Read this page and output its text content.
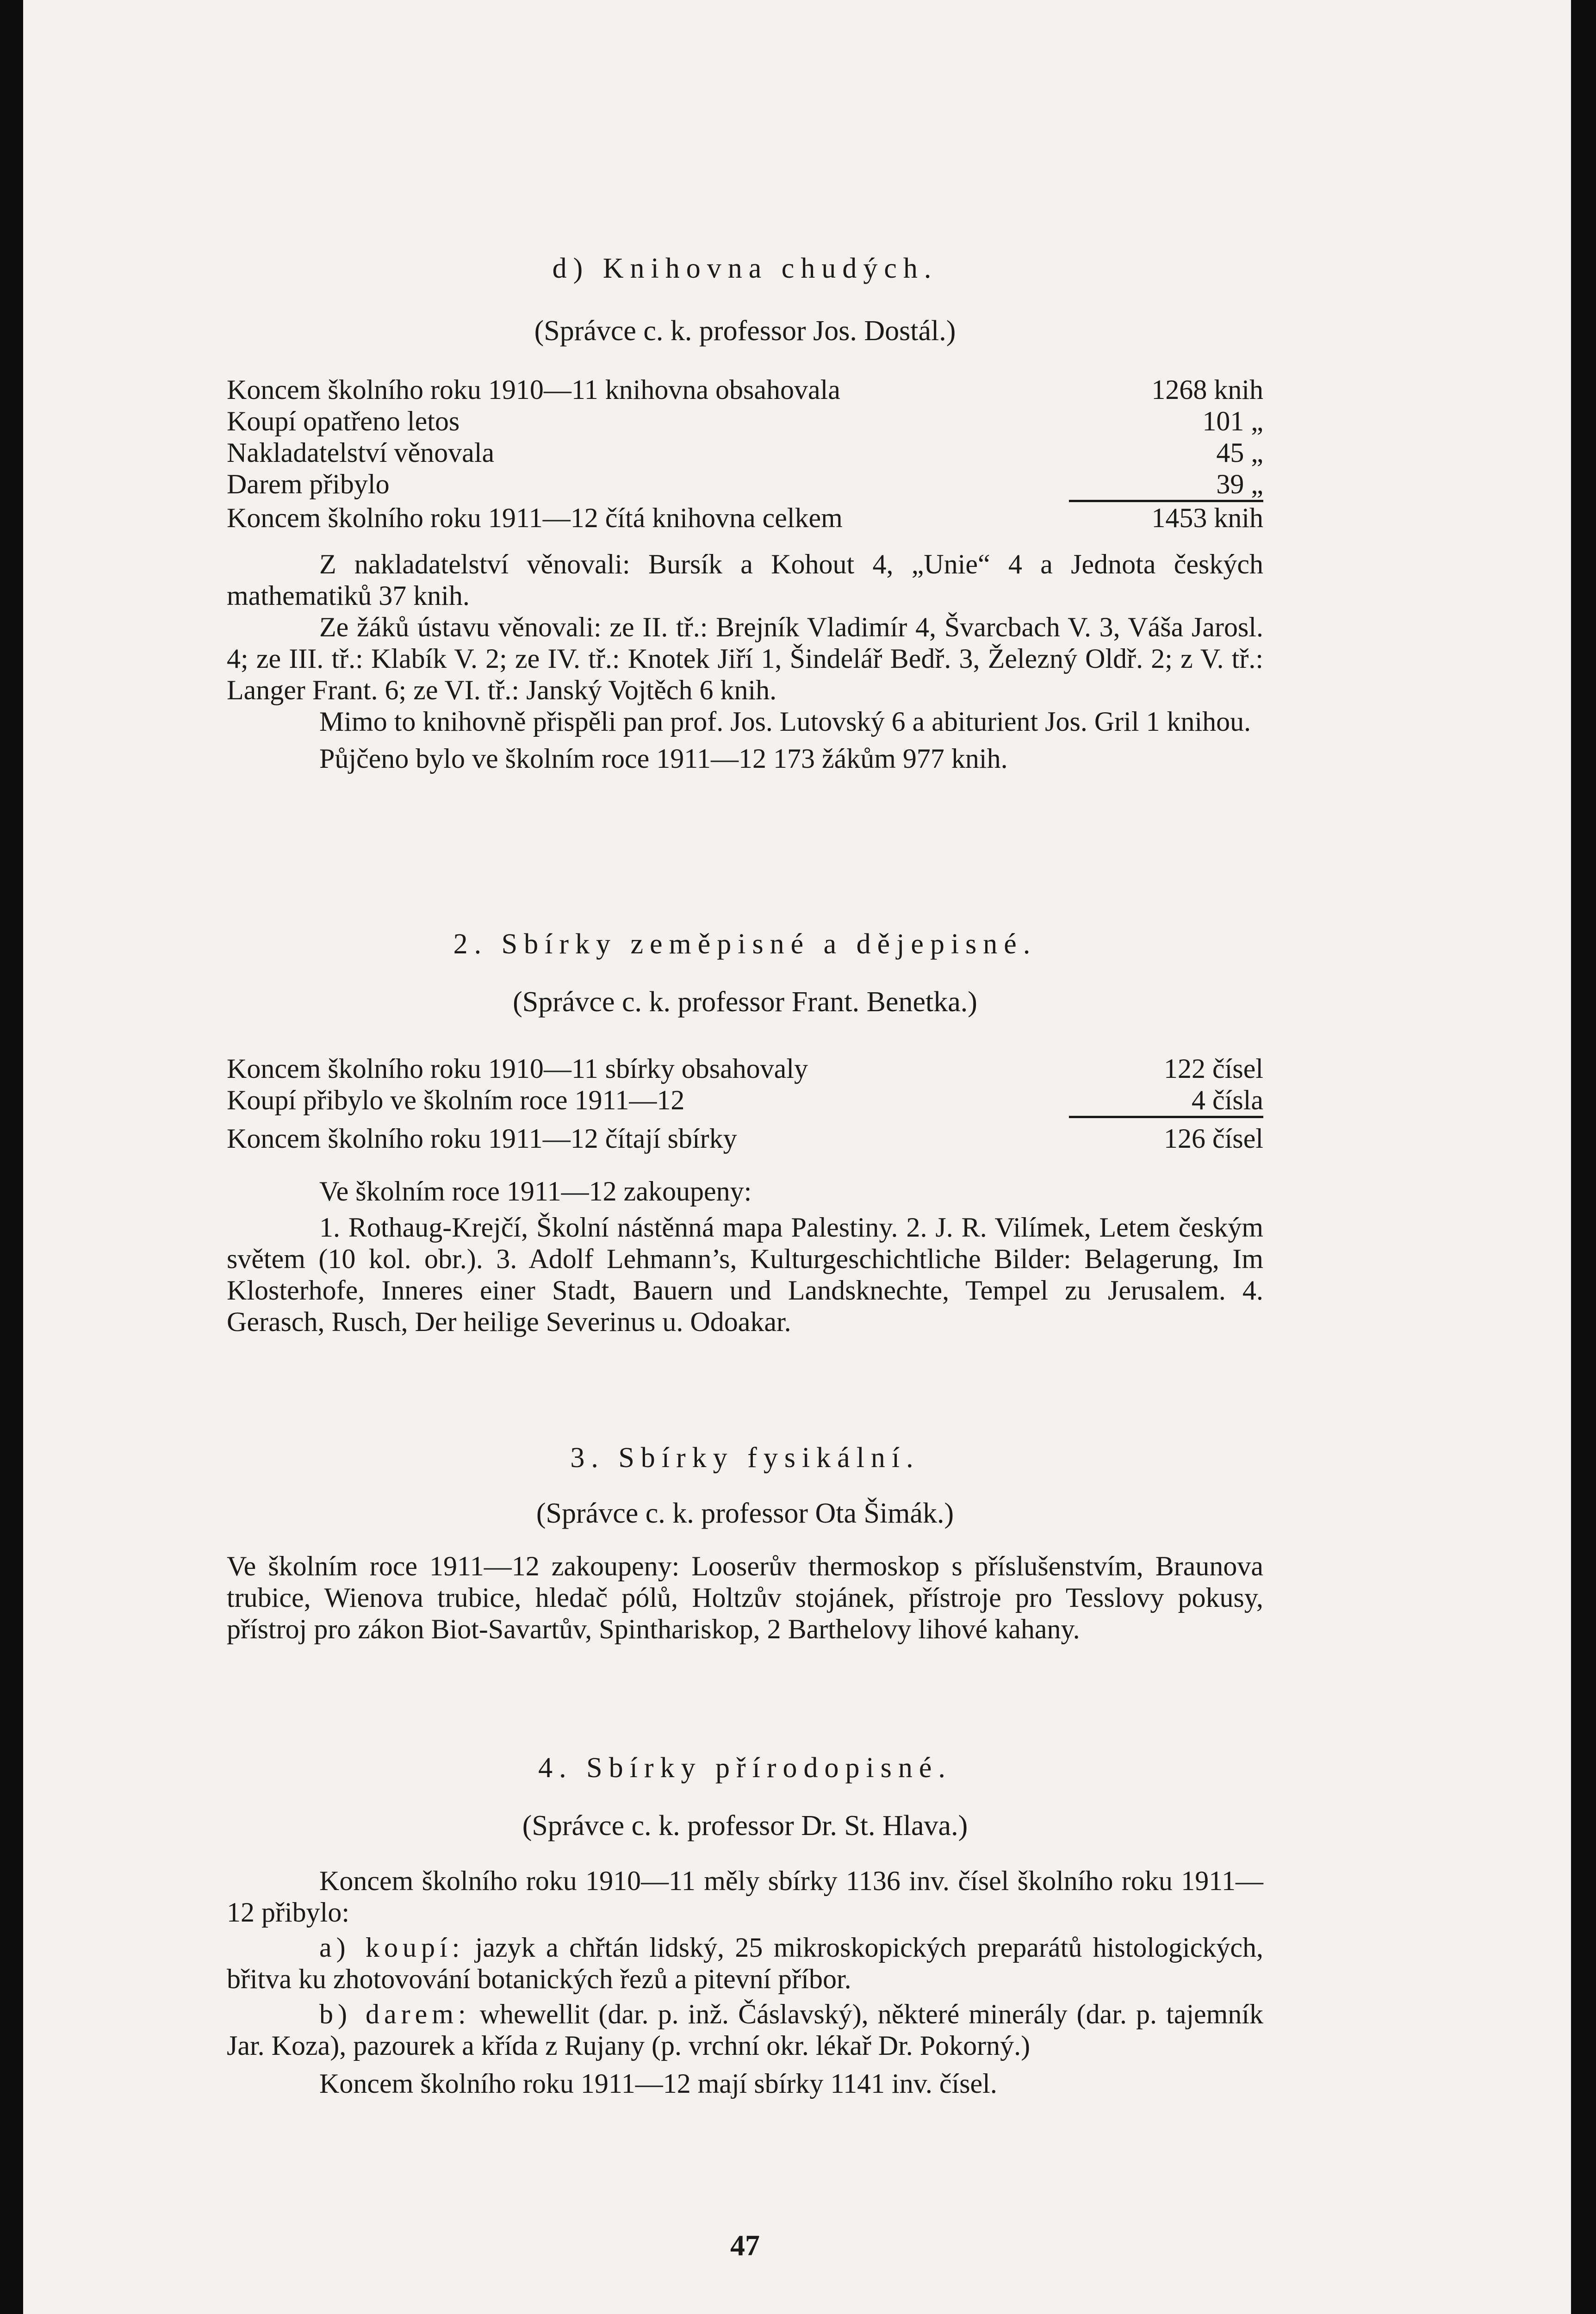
d) Knihovna chudých.
(Správce c. k. professor Jos. Dostál.)
Koncem školního roku 1910—11 knihovna obsahovala	1268 knih
Koupí opatřeno letos	101 „
Nakladatelství věnovala	45 „
Darem přibylo	39 „
Koncem školního roku 1911—12 čítá knihovna celkem	1453 knih

Z nakladatelství věnovali: Bursík a Kohout 4, „Unie“ 4 a Jednota českých mathematiků 37 knih.

Ze žáků ústavu věnovali: ze II. tř.: Brejník Vladimír 4, Švarcbach V. 3, Váša Jarosl. 4; ze III. tř.: Klabík V. 2; ze IV. tř.: Knotek Jiří 1, Šindelář Bedř. 3, Železný Oldř. 2; z V. tř.: Langer Frant. 6; ze VI. tř.: Janský Vojtěch 6 knih.

Mimo to knihovně přispěli pan prof. Jos. Lutovský 6 a abiturient Jos. Gril 1 knihou.

Půjčeno bylo ve školním roce 1911—12 173 žákům 977 knih.

2. Sbírky zeměpisné a dějepisné.
(Správce c. k. professor Frant. Benetka.)
Koncem školního roku 1910—11 sbírky obsahovaly	122 čísel
Koupí přibylo ve školním roce 1911—12	4 čísla
Koncem školního roku 1911—12 čítají sbírky	126 čísel

Ve školním roce 1911—12 zakoupeny:

1. Rothaug-Krejčí, Školní nástěnná mapa Palestiny. 2. J. R. Vilímek, Letem českým světem (10 kol. obr.). 3. Adolf Lehmann’s, Kulturgeschichtliche Bilder: Belagerung, Im Klosterhofe, Inneres einer Stadt, Bauern und Landsknechte, Tempel zu Jerusalem. 4. Gerasch, Rusch, Der heilige Severinus u. Odoakar.

3. Sbírky fysikální.
(Správce c. k. professor Ota Šimák.)

Ve školním roce 1911—12 zakoupeny: Looserův thermoskop s příslušenstvím, Braunova trubice, Wienova trubice, hledač pólů, Holtzův stojánek, přístroje pro Tesslovy pokusy, přístroj pro zákon Biot-Savartův, Spinthariskop, 2 Barthelovy lihové kahany.

4. Sbírky přírodopisné.
(Správce c. k. professor Dr. St. Hlava.)

Koncem školního roku 1910—11 měly sbírky 1136 inv. čísel školního roku 1911—12 přibylo:

a) koupí: jazyk a chřtán lidský, 25 mikroskopických preparátů histologických, břitva ku zhotovování botanických řezů a pitevní příbor.

b) darem: whewellit (dar. p. inž. Čáslavský), některé minerály (dar. p. tajemník Jar. Koza), pazourek a křída z Rujany (p. vrchní okr. lékař Dr. Pokorný.)

Koncem školního roku 1911—12 mají sbírky 1141 inv. čísel.

47
